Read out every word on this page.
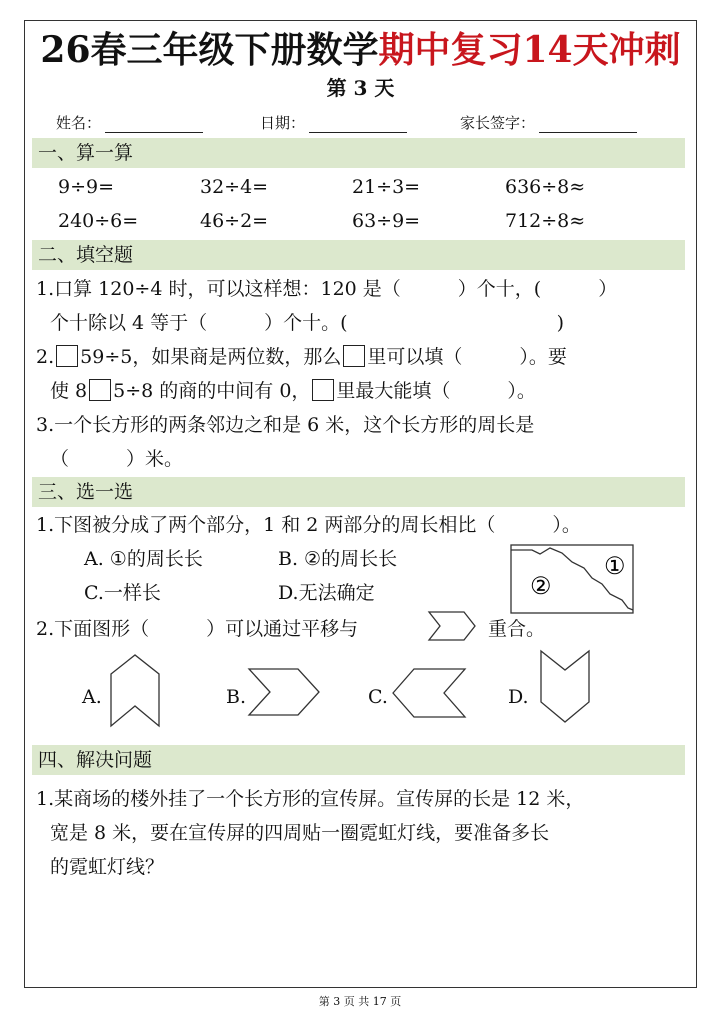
26春三年级下册数学期中复习14天冲刺
第 3 天
姓名：	日期：	家长签字：
一、算一算
9÷9=	32÷4=	21÷3=	636÷8≈
240÷6=	46÷2=	63÷9=	712÷8≈
二、填空题
1.口算 120÷4 时，可以这样想：120 是（　　　）个十，(　　　）
个十除以 4 等于（　　　）个十。(　　　　　　　　　　　)
2. 59÷5，如果商是两位数，那么 里可以填（　　　）。要
使 8 5÷8 的商的中间有 0， 里最大能填（　　　）。
3.一个长方形的两条邻边之和是 6 米，这个长方形的周长是
（　　　）米。
三、选一选
1.下图被分成了两个部分，1 和 2 两部分的周长相比（　　　）。
A. ①的周长长	B. ②的周长长
C.一样长	D.无法确定
①
②
2.下面图形（　　　）可以通过平移与	重合。
A.	B.	C.	D.
四、解决问题
1.某商场的楼外挂了一个长方形的宣传屏。宣传屏的长是 12 米，
宽是 8 米，要在宣传屏的四周贴一圈霓虹灯线，要准备多长
的霓虹灯线？
第 3 页 共 17 页
